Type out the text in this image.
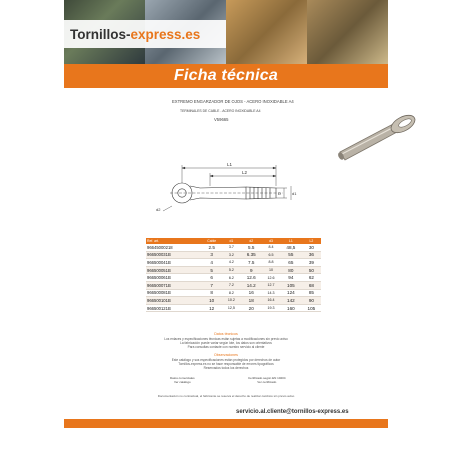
Tornillos- express.es
Ficha técnica
EXTREMO ENGARZADOR DE OJOS - ACERO INOXIDABLE A4
TERMINALES DE CABLE - ACERO INOXIDABLE A4
V59665
L1
L2
D	d1
d2
Ref. art.	Cable	d1	d2	d3	L1	L2
96645000218	2.5	3.7	5.5	8.4	48,5	30
966500031B	3	3.2	6.35	6.5	55	36
966500041B	4	4.2	7.5	8.8	65	39
966500051B	5	5.2	9	10	80	50
966500061B	6	6.2	12.6	12.6	94	62
966500071B	7	7.2	14.2	12.7	105	68
966500081B	8	8.2	16	14.3	124	85
966500101B	10	10.2	18	16.4	142	90
966500121B	12	12,5	20	19.3	160	105
Datos técnicos
Los enlaces y especificaciones técnicas están sujetas a modificaciones sin previo aviso
La fabricación puede variar según lote, los datos son orientativos
Para consultas contacte con nuestro servicio al cliente
Observaciones
Este catálogo y sus especificaciones están protegidos por derechos de autor
Tornillos-express.es no se hace responsable de errores tipográficos
Reservados todos los derechos
Datos comerciales
Ver catálogo
Certificado según EN 10204
Ver certificado
Documentación no contractual, el fabricante se reserva el derecho de realizar cambios sin previo aviso
servicio.al.cliente@tornillos-express.es
